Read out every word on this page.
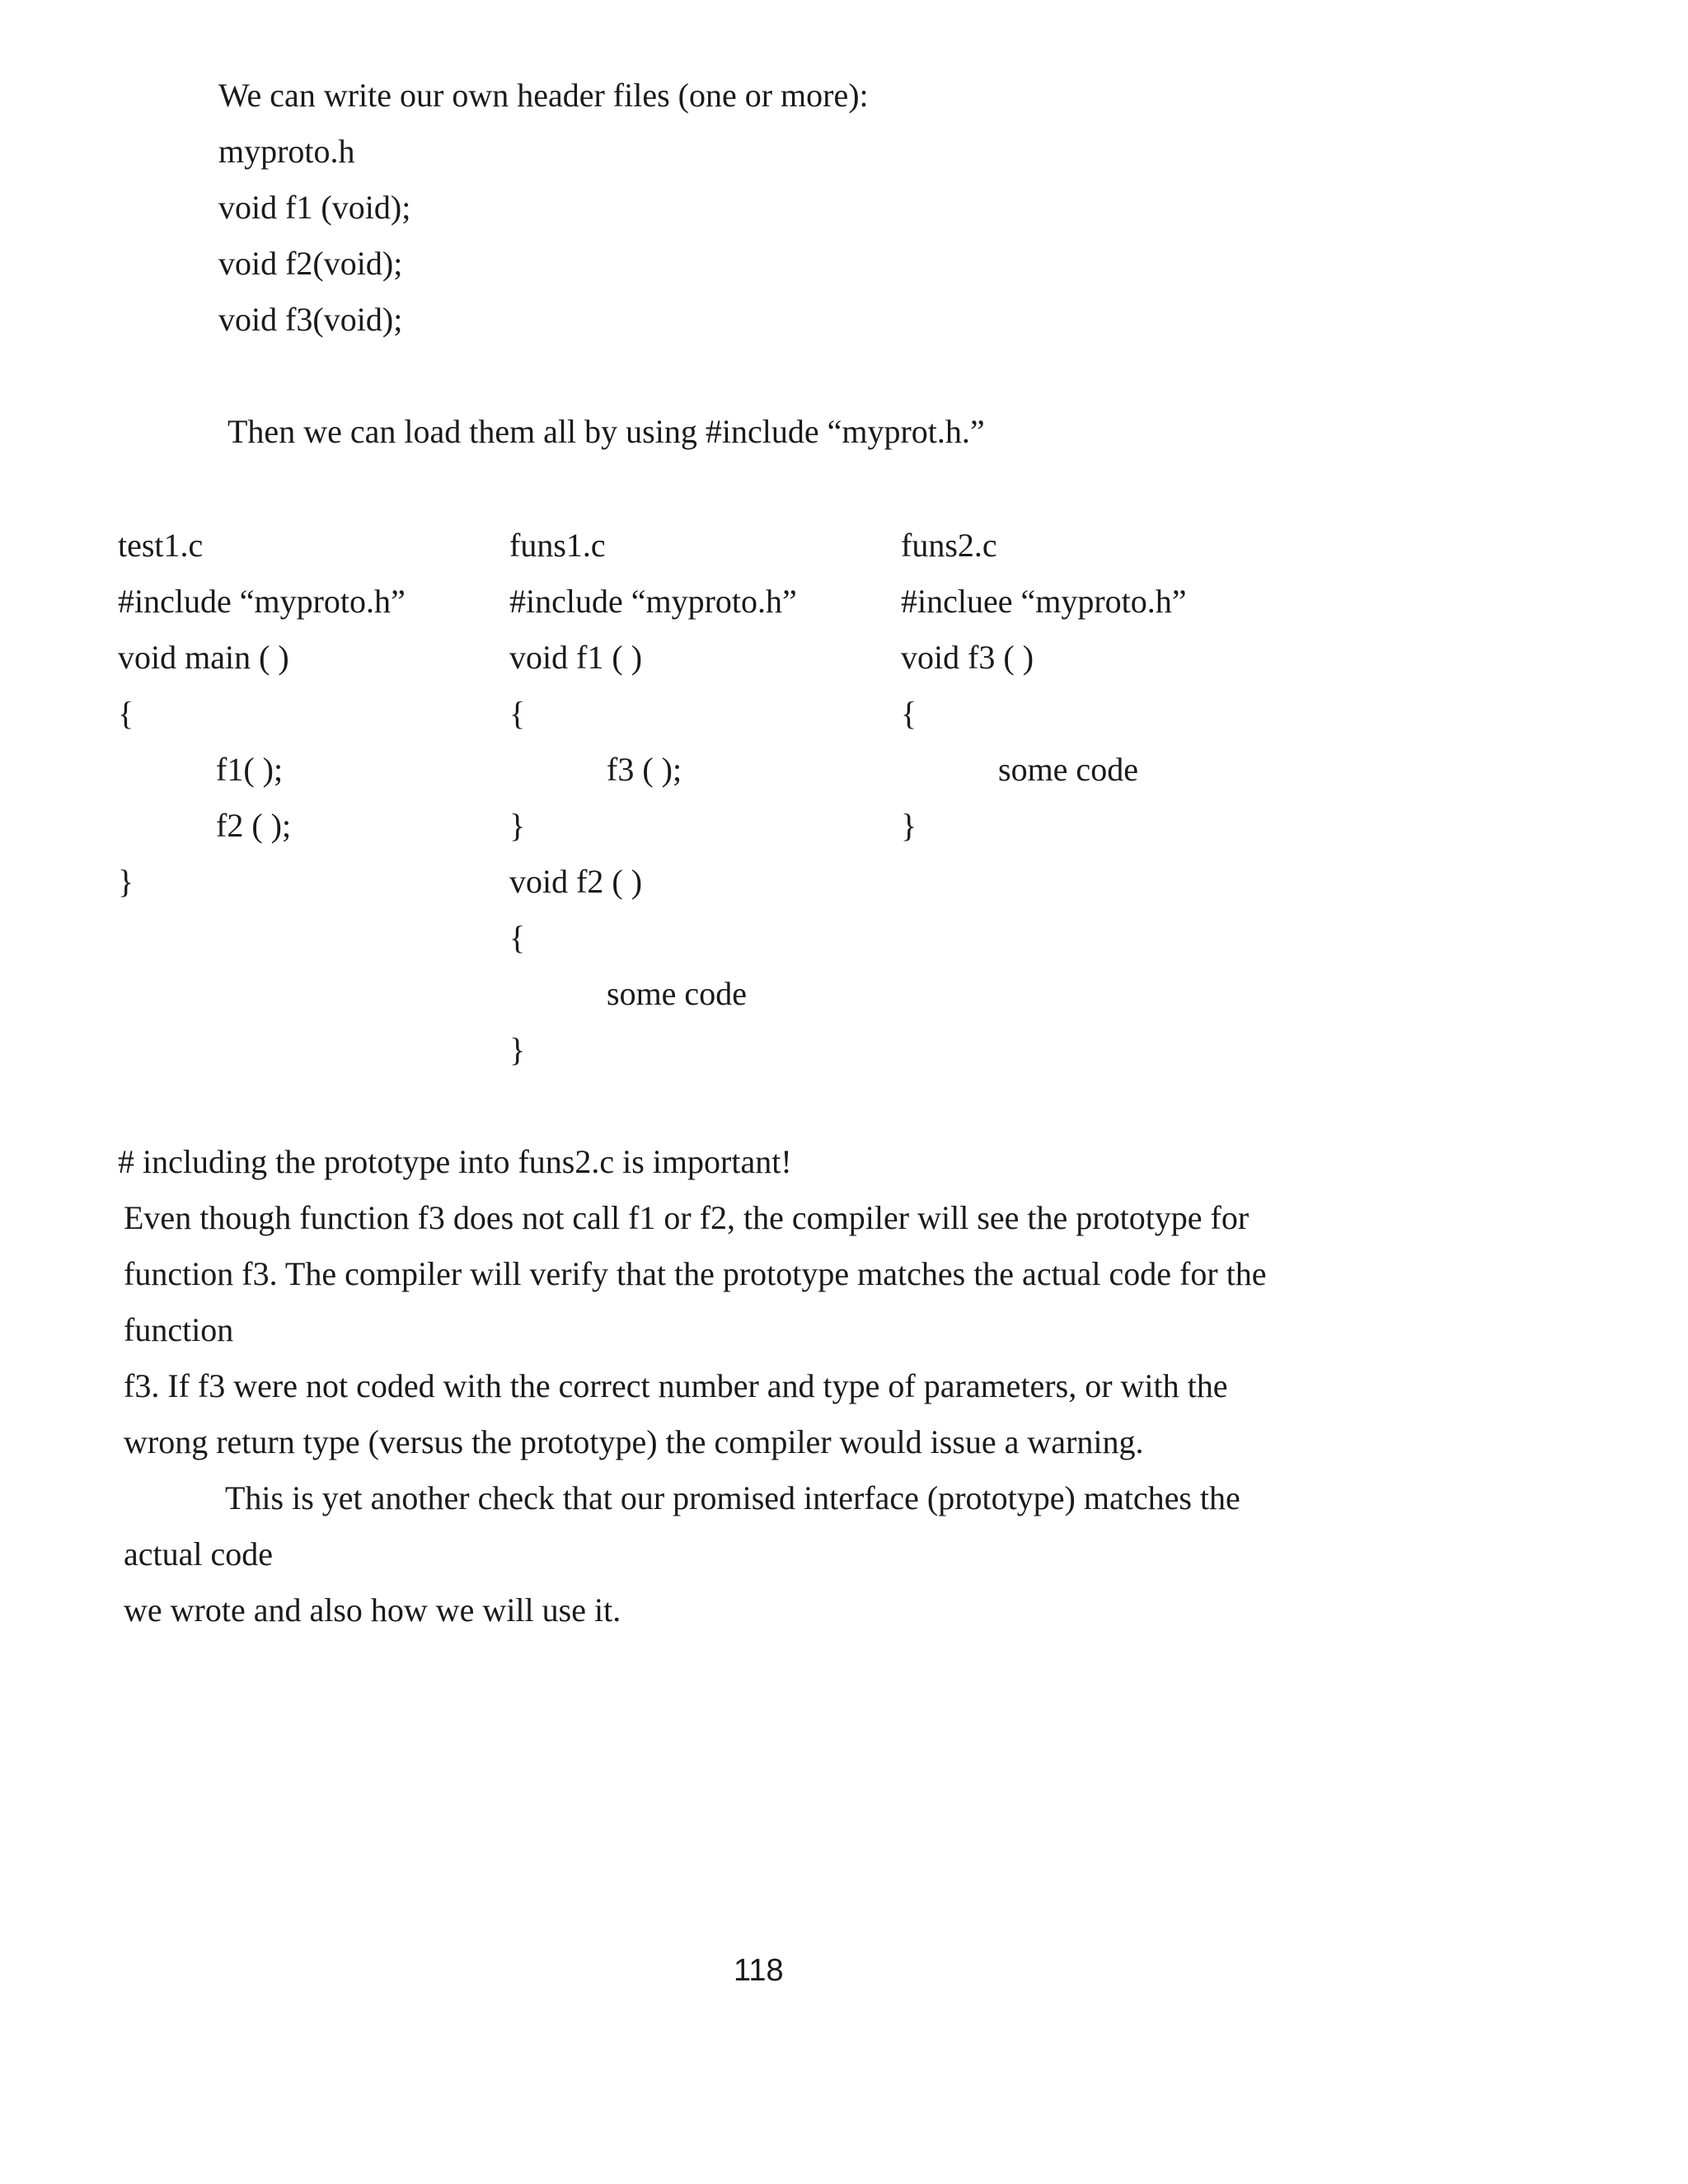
We can write our own header files (one or more):

myproto.h

void f1 (void);

void f2(void);

void f3(void);

Then we can load them all by using #include “myprot.h.”

test1.c

#include “myproto.h”

void main ( )

{

f1( );

f2 ( );

}

funs1.c

#include “myproto.h”

void f1 ( )

{

f3 ( );

}

void f2 ( )

{

some code

}

funs2.c

#incluee “myproto.h”

void f3 ( )

{

some code

}

# including the prototype into funs2.c is important!

Even though function f3 does not call f1 or f2, the compiler will see the prototype for

function f3. The compiler will verify that the prototype matches the actual code for the

function

f3. If f3 were not coded with the correct number and type of parameters, or with the

wrong return type (versus the prototype) the compiler would issue a warning.

This is yet another check that our promised interface (prototype) matches the

actual code

we wrote and also how we will use it.

118
